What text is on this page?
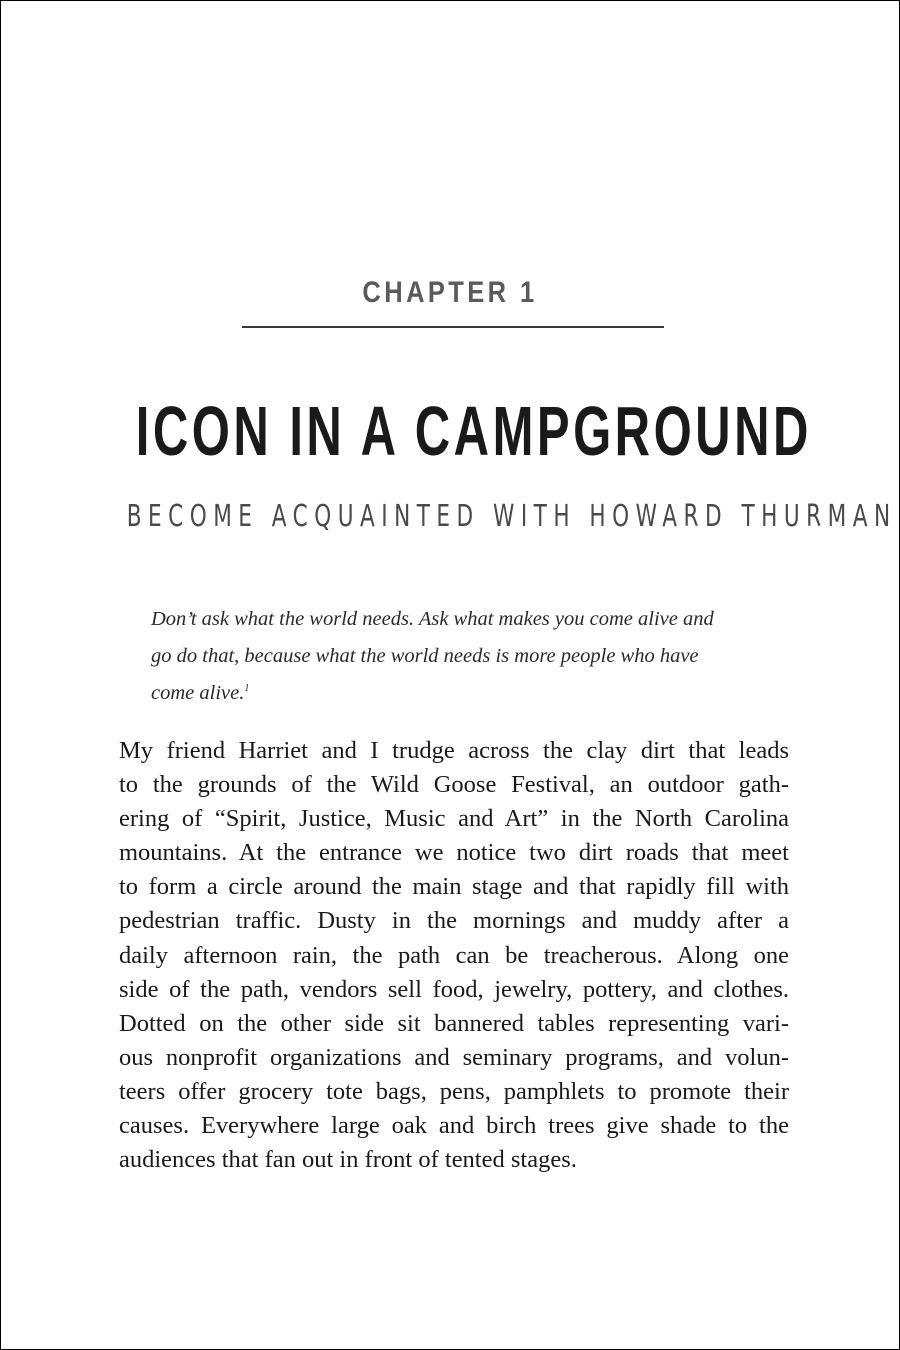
CHAPTER 1
ICON IN A CAMPGROUND
BECOME ACQUAINTED WITH HOWARD THURMAN
Don’t ask what the world needs. Ask what makes you come alive and
go do that, because what the world needs is more people who have
come alive.$^1$
My friend Harriet and I trudge across the clay dirt that leads
to the grounds of the Wild Goose Festival, an outdoor gath-
ering of “Spirit, Justice, Music and Art” in the North Carolina
mountains. At the entrance we notice two dirt roads that meet
to form a circle around the main stage and that rapidly fill with
pedestrian traffic. Dusty in the mornings and muddy after a
daily afternoon rain, the path can be treacherous. Along one
side of the path, vendors sell food, jewelry, pottery, and clothes.
Dotted on the other side sit bannered tables representing vari-
ous nonprofit organizations and seminary programs, and volun-
teers offer grocery tote bags, pens, pamphlets to promote their
causes. Everywhere large oak and birch trees give shade to the
audiences that fan out in front of tented stages.
